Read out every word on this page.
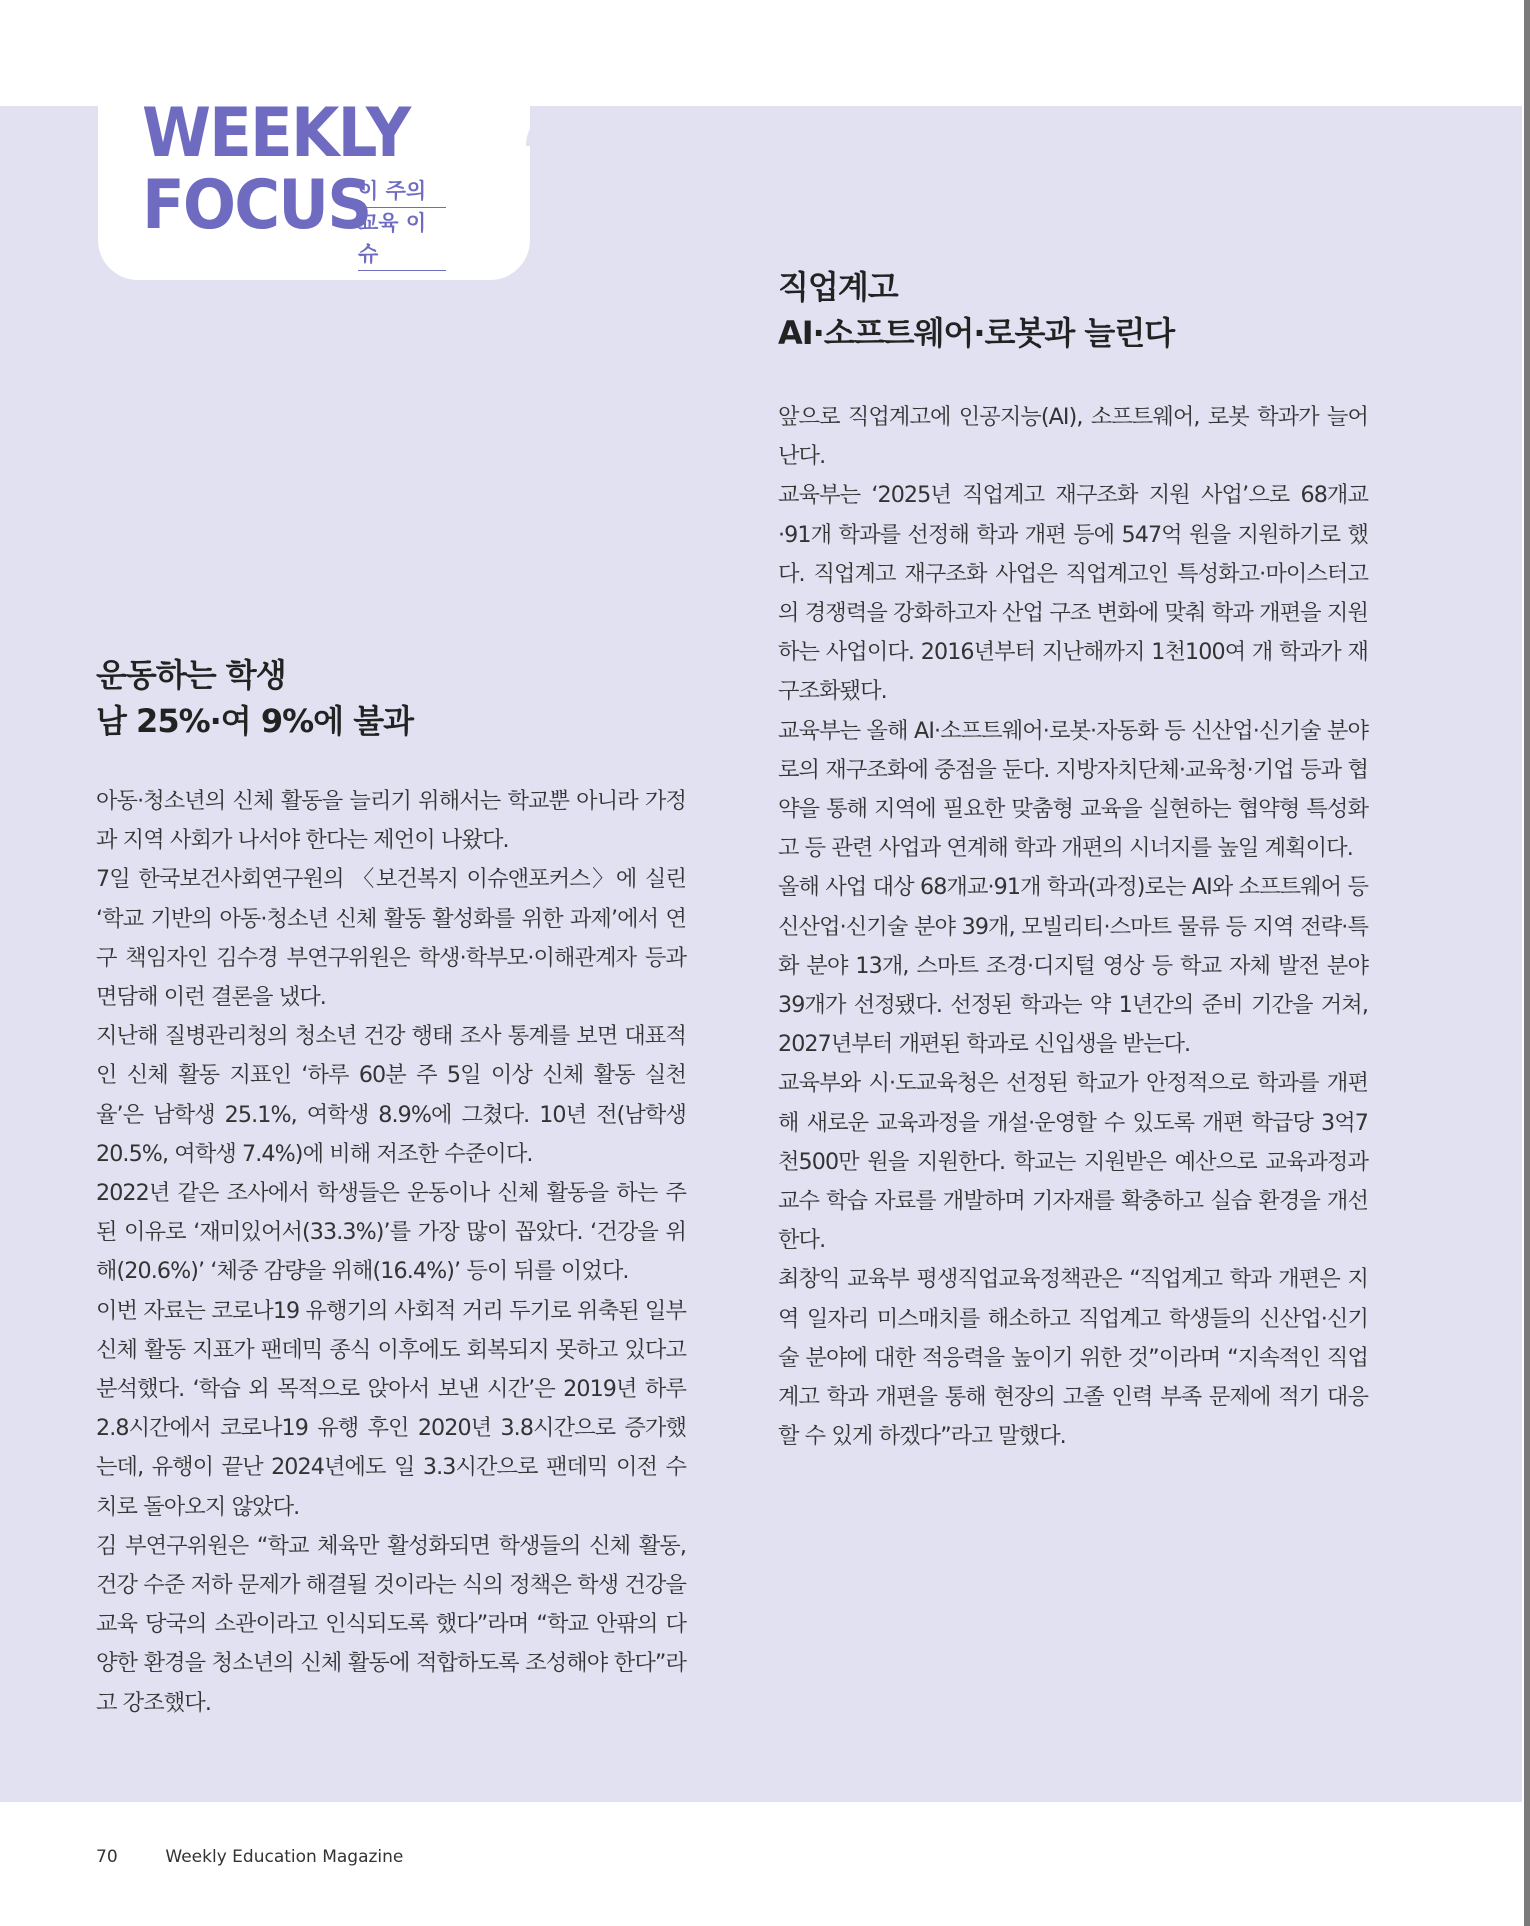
WEEKLY
FOCUS
이 주의
교육 이슈
운동하는 학생
남 25%·여 9%에 불과

아동·청소년의 신체 활동을 늘리기 위해서는 학교뿐 아니라 가정과 지역 사회가 나서야 한다는 제언이 나왔다.

7일 한국보건사회연구원의 〈보건복지 이슈앤포커스〉에 실린 ‘학교 기반의 아동·청소년 신체 활동 활성화를 위한 과제’에서 연구 책임자인 김수경 부연구위원은 학생·학부모·이해관계자 등과 면담해 이런 결론을 냈다.

지난해 질병관리청의 청소년 건강 행태 조사 통계를 보면 대표적인 신체 활동 지표인 ‘하루 60분 주 5일 이상 신체 활동 실천율’은 남학생 25.1%, 여학생 8.9%에 그쳤다. 10년 전(남학생 20.5%, 여학생 7.4%)에 비해 저조한 수준이다.

2022년 같은 조사에서 학생들은 운동이나 신체 활동을 하는 주된 이유로 ‘재미있어서(33.3%)’를 가장 많이 꼽았다. ‘건강을 위해(20.6%)’ ‘체중 감량을 위해(16.4%)’ 등이 뒤를 이었다.

이번 자료는 코로나19 유행기의 사회적 거리 두기로 위축된 일부 신체 활동 지표가 팬데믹 종식 이후에도 회복되지 못하고 있다고 분석했다. ‘학습 외 목적으로 앉아서 보낸 시간’은 2019년 하루 2.8시간에서 코로나19 유행 후인 2020년 3.8시간으로 증가했는데, 유행이 끝난 2024년에도 일 3.3시간으로 팬데믹 이전 수치로 돌아오지 않았다.

김 부연구위원은 “학교 체육만 활성화되면 학생들의 신체 활동, 건강 수준 저하 문제가 해결될 것이라는 식의 정책은 학생 건강을 교육 당국의 소관이라고 인식되도록 했다”라며 “학교 안팎의 다양한 환경을 청소년의 신체 활동에 적합하도록 조성해야 한다”라고 강조했다.

직업계고
AI·소프트웨어·로봇과 늘린다

앞으로 직업계고에 인공지능(AI), 소프트웨어, 로봇 학과가 늘어난다.

교육부는 ‘2025년 직업계고 재구조화 지원 사업’으로 68개교·91개 학과를 선정해 학과 개편 등에 547억 원을 지원하기로 했다. 직업계고 재구조화 사업은 직업계고인 특성화고·마이스터고의 경쟁력을 강화하고자 산업 구조 변화에 맞춰 학과 개편을 지원하는 사업이다. 2016년부터 지난해까지 1천100여 개 학과가 재구조화됐다.

교육부는 올해 AI·소프트웨어·로봇·자동화 등 신산업·신기술 분야로의 재구조화에 중점을 둔다. 지방자치단체·교육청·기업 등과 협약을 통해 지역에 필요한 맞춤형 교육을 실현하는 협약형 특성화고 등 관련 사업과 연계해 학과 개편의 시너지를 높일 계획이다.

올해 사업 대상 68개교·91개 학과(과정)로는 AI와 소프트웨어 등 신산업·신기술 분야 39개, 모빌리티·스마트 물류 등 지역 전략·특화 분야 13개, 스마트 조경·디지털 영상 등 학교 자체 발전 분야 39개가 선정됐다. 선정된 학과는 약 1년간의 준비 기간을 거쳐, 2027년부터 개편된 학과로 신입생을 받는다.

교육부와 시·도교육청은 선정된 학교가 안정적으로 학과를 개편해 새로운 교육과정을 개설·운영할 수 있도록 개편 학급당 3억7천500만 원을 지원한다. 학교는 지원받은 예산으로 교육과정과 교수 학습 자료를 개발하며 기자재를 확충하고 실습 환경을 개선한다.

최창익 교육부 평생직업교육정책관은 “직업계고 학과 개편은 지역 일자리 미스매치를 해소하고 직업계고 학생들의 신산업·신기술 분야에 대한 적응력을 높이기 위한 것”이라며 “지속적인 직업계고 학과 개편을 통해 현장의 고졸 인력 부족 문제에 적기 대응할 수 있게 하겠다”라고 말했다.

70	Weekly Education Magazine
